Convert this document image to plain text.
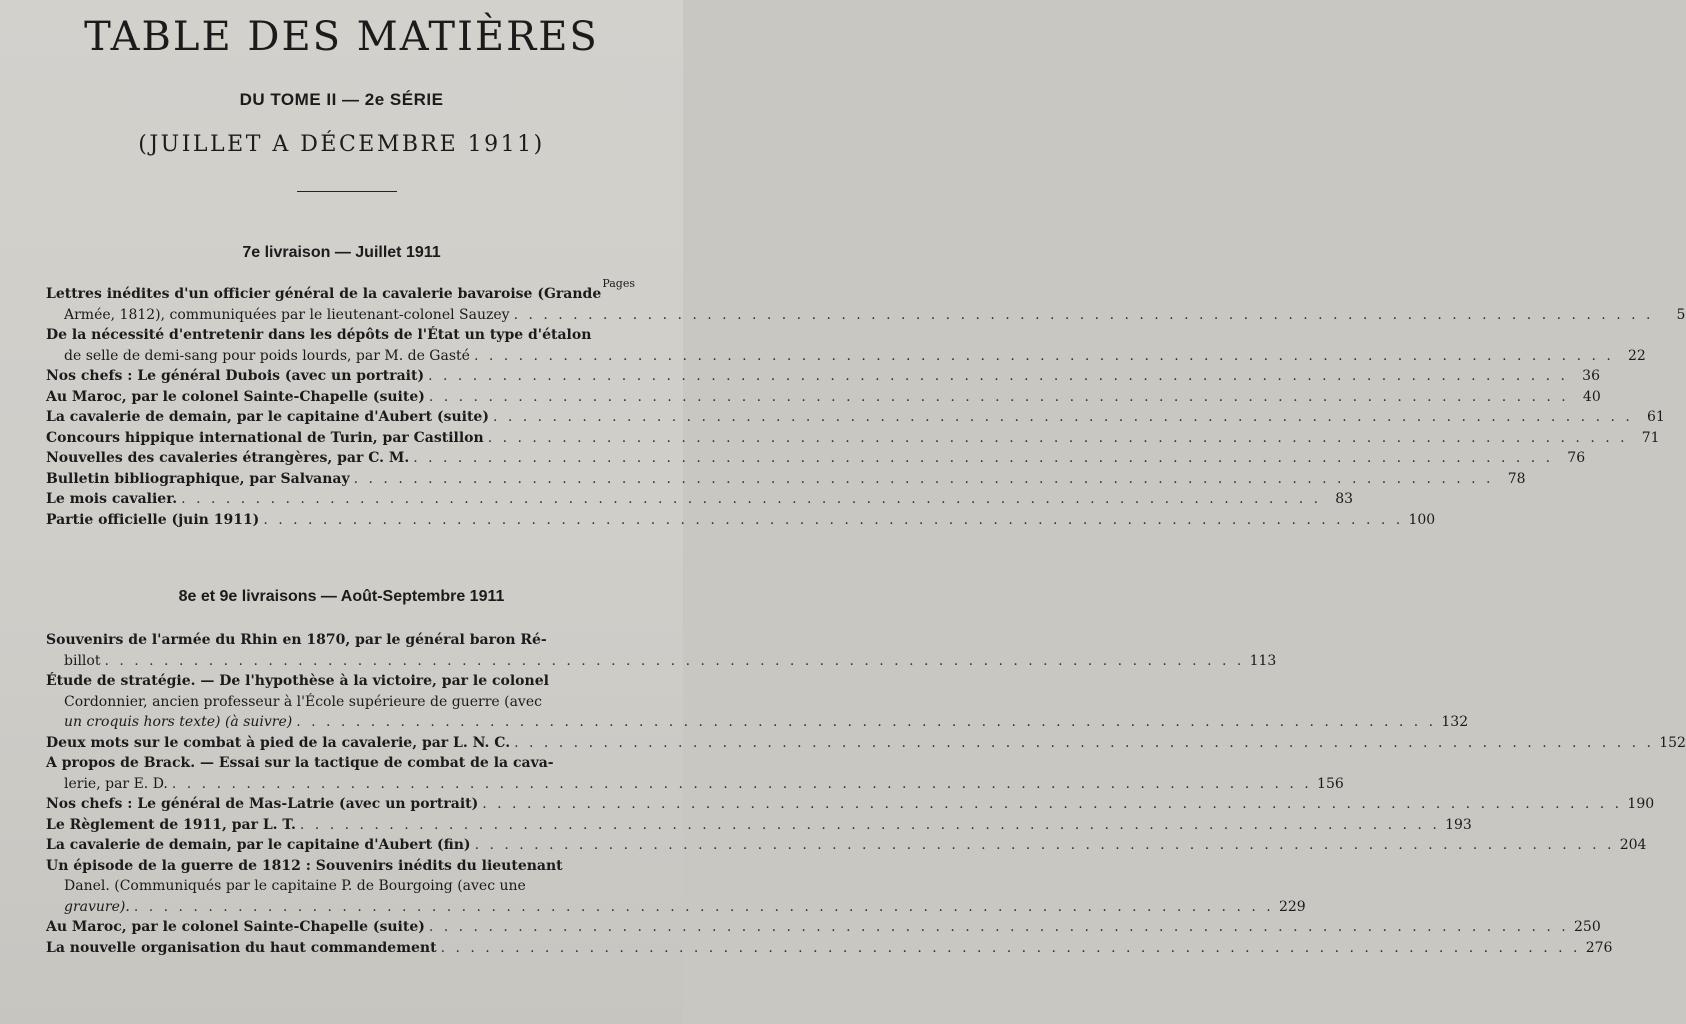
TABLE DES MATIÈRES
DU TOME II — 2e SÉRIE
(JUILLET A DÉCEMBRE 1911)
7e livraison — Juillet 1911
Pages
Lettres inédites d'un officier général de la cavalerie bavaroise (Grande
Armée, 1812), communiquées par le lieutenant-colonel Sauzey . . .	5
De la nécessité d'entretenir dans les dépôts de l'État un type d'étalon
de selle de demi-sang pour poids lourds, par M. de Gasté . . .	22
Nos chefs : Le général Dubois (avec un portrait) . . .	36
Au Maroc, par le colonel Sainte-Chapelle (suite) . . .	40
La cavalerie de demain, par le capitaine d'Aubert (suite) . . .	61
Concours hippique international de Turin, par Castillon . . .	71
Nouvelles des cavaleries étrangères, par C. M. . . .	76
Bulletin bibliographique, par Salvanay . . .	78
Le mois cavalier. . . .	83
Partie officielle (juin 1911) . . .	100
8e et 9e livraisons — Août-Septembre 1911
Souvenirs de l'armée du Rhin en 1870, par le général baron Ré-
billot . . .	113
Étude de stratégie. — De l'hypothèse à la victoire, par le colonel
Cordonnier, ancien professeur à l'École supérieure de guerre (avec
un croquis hors texte) (à suivre) . . .	132
Deux mots sur le combat à pied de la cavalerie, par L. N. C. . . .	152
A propos de Brack. — Essai sur la tactique de combat de la cava-
lerie, par E. D. . . .	156
Nos chefs : Le général de Mas-Latrie (avec un portrait) . . .	190
Le Règlement de 1911, par L. T. . . .	193
La cavalerie de demain, par le capitaine d'Aubert (fin) . . .	204
Un épisode de la guerre de 1812 : Souvenirs inédits du lieutenant
Danel. (Communiqués par le capitaine P. de Bourgoing (avec une
gravure). . . .	229
Au Maroc, par le colonel Sainte-Chapelle (suite) . . .	250
La nouvelle organisation du haut commandement . . .	276
